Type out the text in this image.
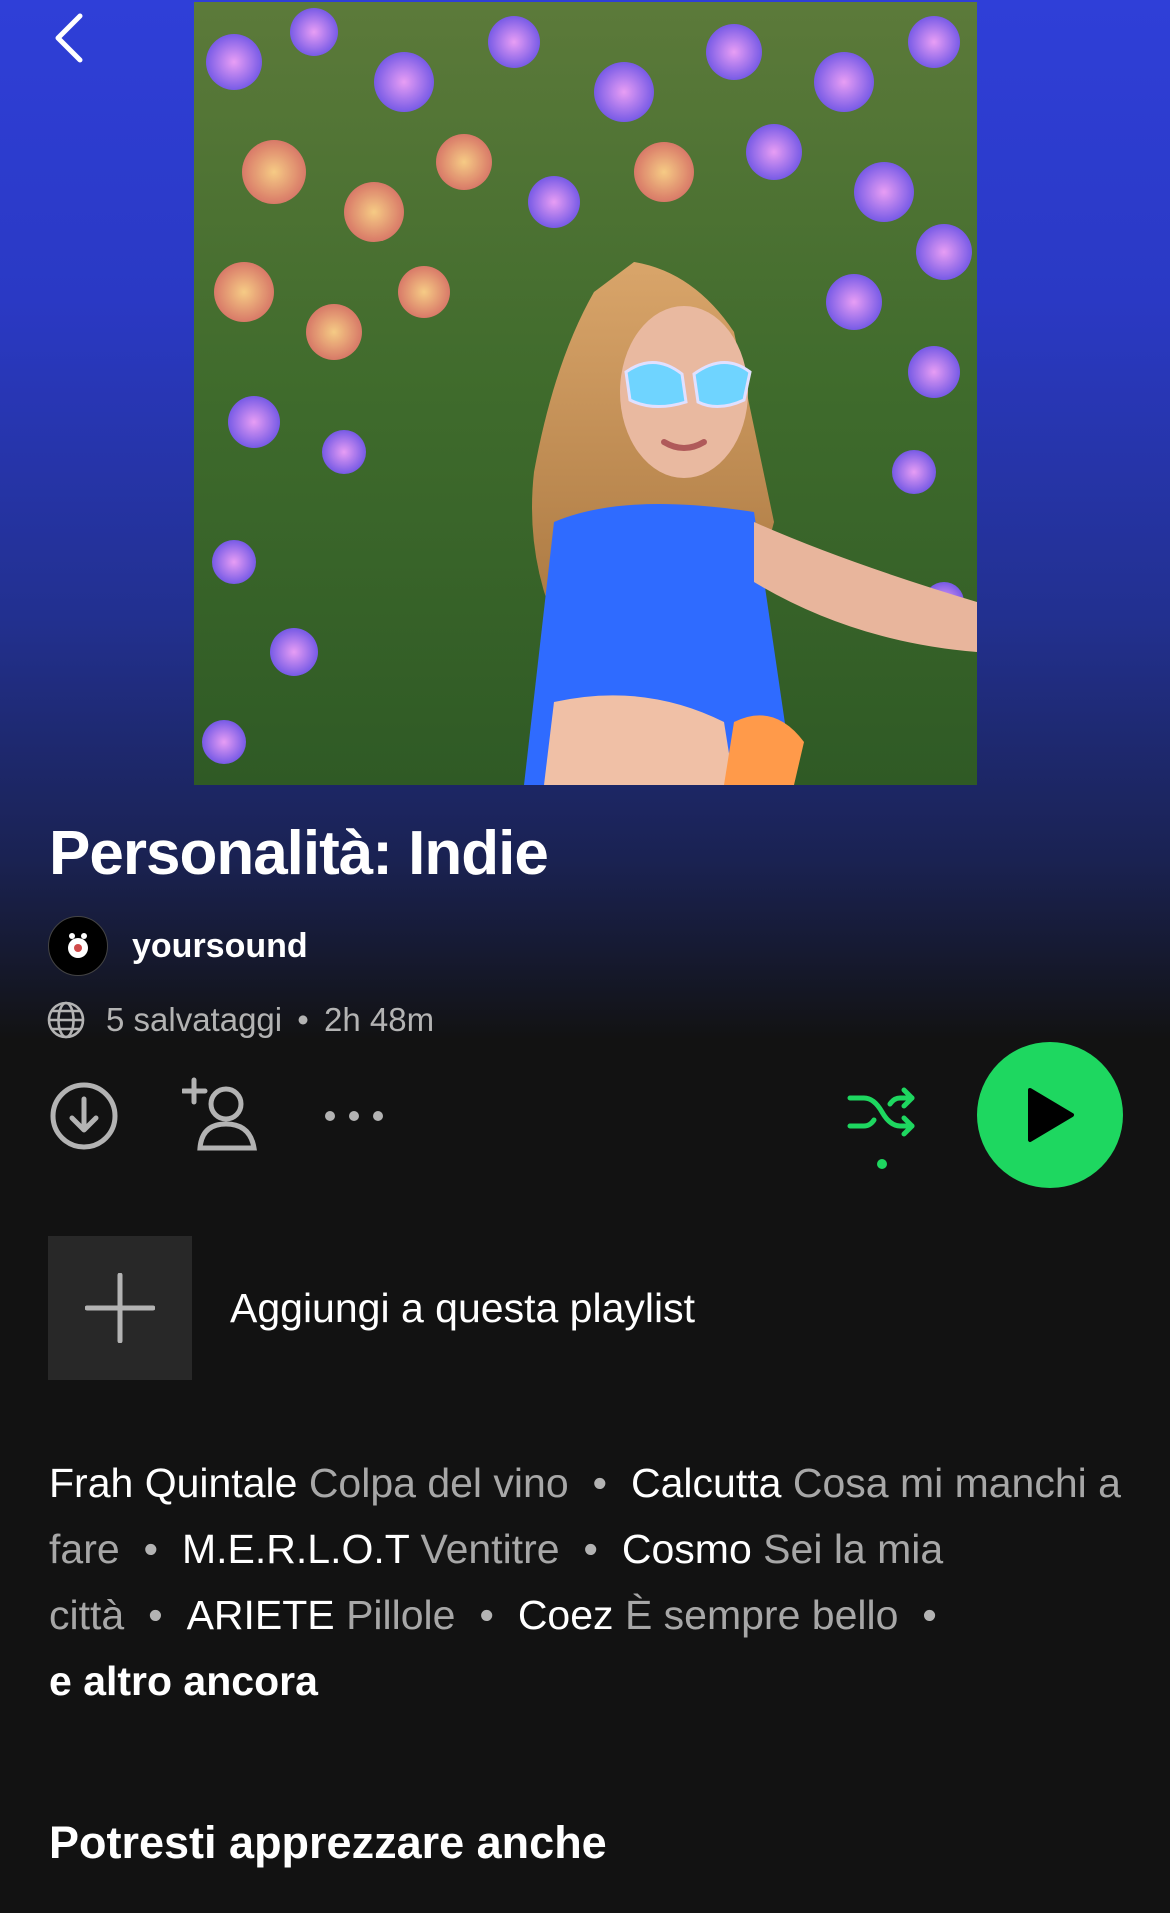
Personalità: Indie
yoursound
5 salvataggi • 2h 48m
Aggiungi a questa playlist
Frah Quintale Colpa del vino • Calcutta Cosa mi manchi a fare • M.E.R.L.O.T Ventitre • Cosmo Sei la mia città • ARIETE Pillole • Coez È sempre bello •
e altro ancora
Potresti apprezzare anche
